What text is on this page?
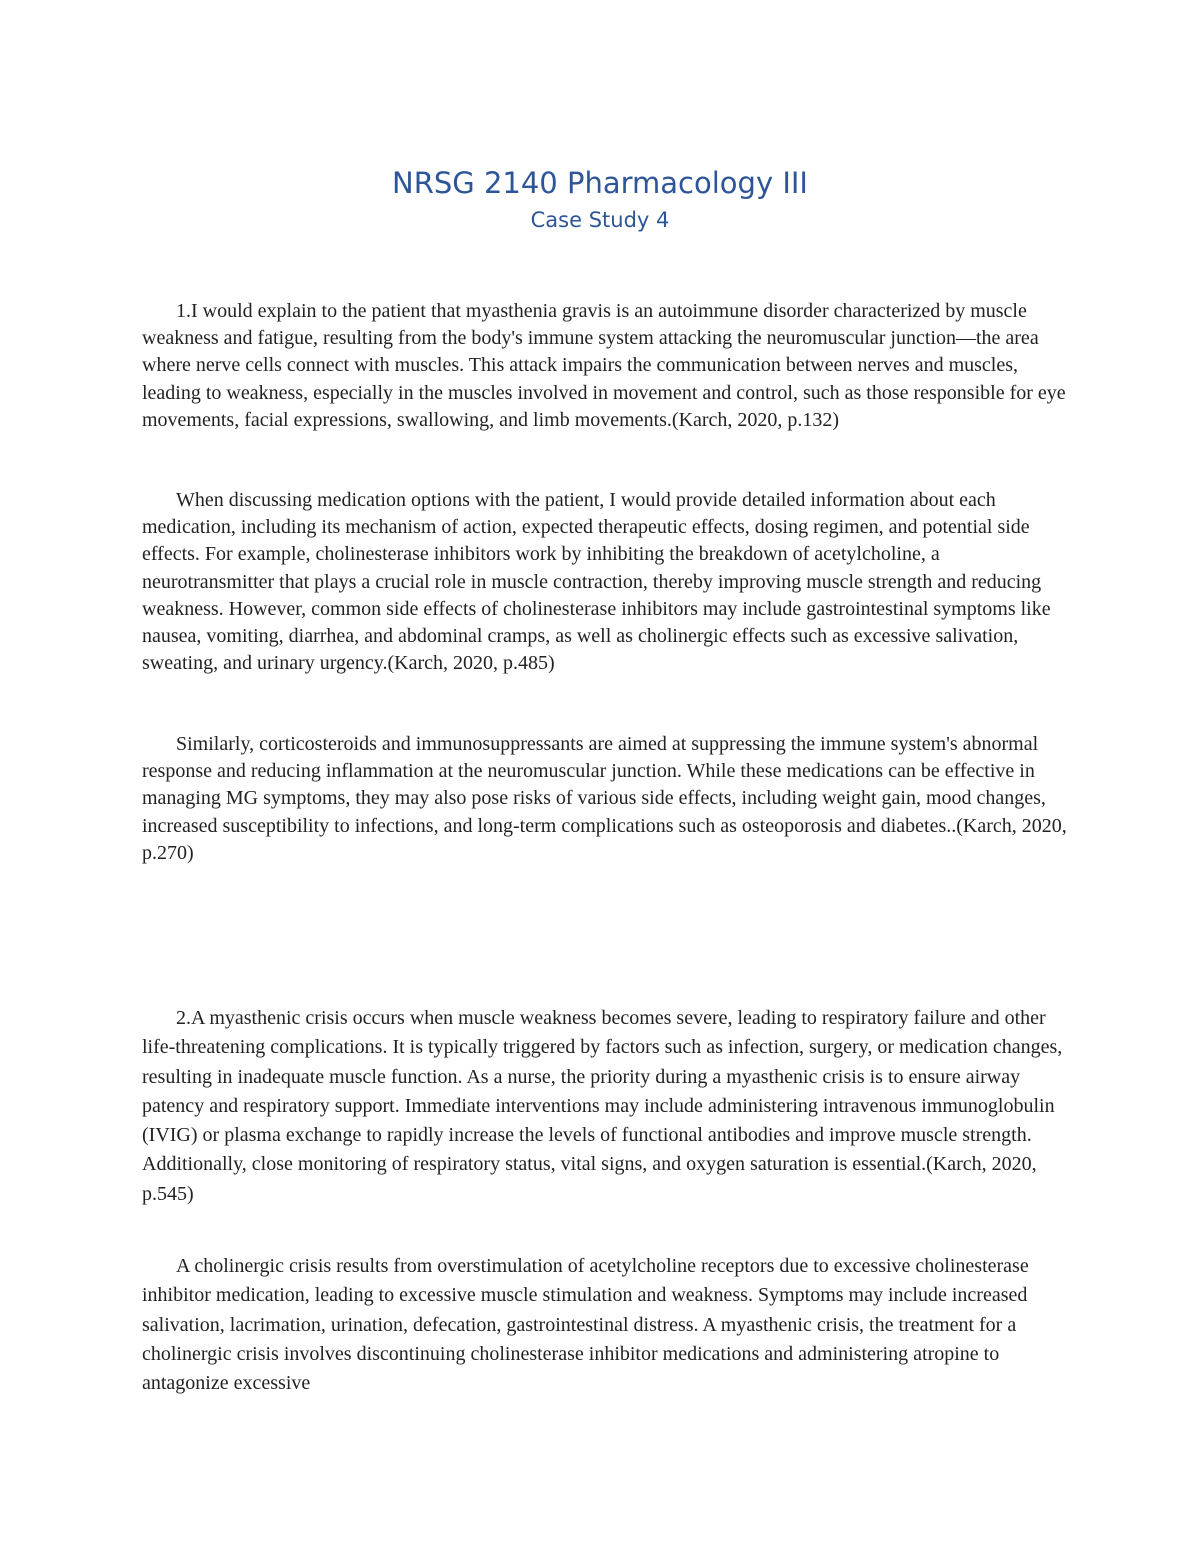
NRSG 2140 Pharmacology III
Case Study 4

1.I would explain to the patient that myasthenia gravis is an autoimmune disorder characterized by muscle weakness and fatigue, resulting from the body's immune system attacking the neuromuscular junction—the area where nerve cells connect with muscles. This attack impairs the communication between nerves and muscles, leading to weakness, especially in the muscles involved in movement and control, such as those responsible for eye movements, facial expressions, swallowing, and limb movements.(Karch, 2020, p.132)

When discussing medication options with the patient, I would provide detailed information about each medication, including its mechanism of action, expected therapeutic effects, dosing regimen, and potential side effects. For example, cholinesterase inhibitors work by inhibiting the breakdown of acetylcholine, a neurotransmitter that plays a crucial role in muscle contraction, thereby improving muscle strength and reducing weakness. However, common side effects of cholinesterase inhibitors may include gastrointestinal symptoms like nausea, vomiting, diarrhea, and abdominal cramps, as well as cholinergic effects such as excessive salivation, sweating, and urinary urgency.(Karch, 2020, p.485)

Similarly, corticosteroids and immunosuppressants are aimed at suppressing the immune system's abnormal response and reducing inflammation at the neuromuscular junction. While these medications can be effective in managing MG symptoms, they may also pose risks of various side effects, including weight gain, mood changes, increased susceptibility to infections, and long-term complications such as osteoporosis and diabetes..(Karch, 2020, p.270)

2.A myasthenic crisis occurs when muscle weakness becomes severe, leading to respiratory failure and other life-threatening complications. It is typically triggered by factors such as infection, surgery, or medication changes, resulting in inadequate muscle function. As a nurse, the priority during a myasthenic crisis is to ensure airway patency and respiratory support. Immediate interventions may include administering intravenous immunoglobulin (IVIG) or plasma exchange to rapidly increase the levels of functional antibodies and improve muscle strength. Additionally, close monitoring of respiratory status, vital signs, and oxygen saturation is essential.(Karch, 2020, p.545)

A cholinergic crisis results from overstimulation of acetylcholine receptors due to excessive cholinesterase inhibitor medication, leading to excessive muscle stimulation and weakness. Symptoms may include increased salivation, lacrimation, urination, defecation, gastrointestinal distress. A myasthenic crisis, the treatment for a cholinergic crisis involves discontinuing cholinesterase inhibitor medications and administering atropine to antagonize excessive
